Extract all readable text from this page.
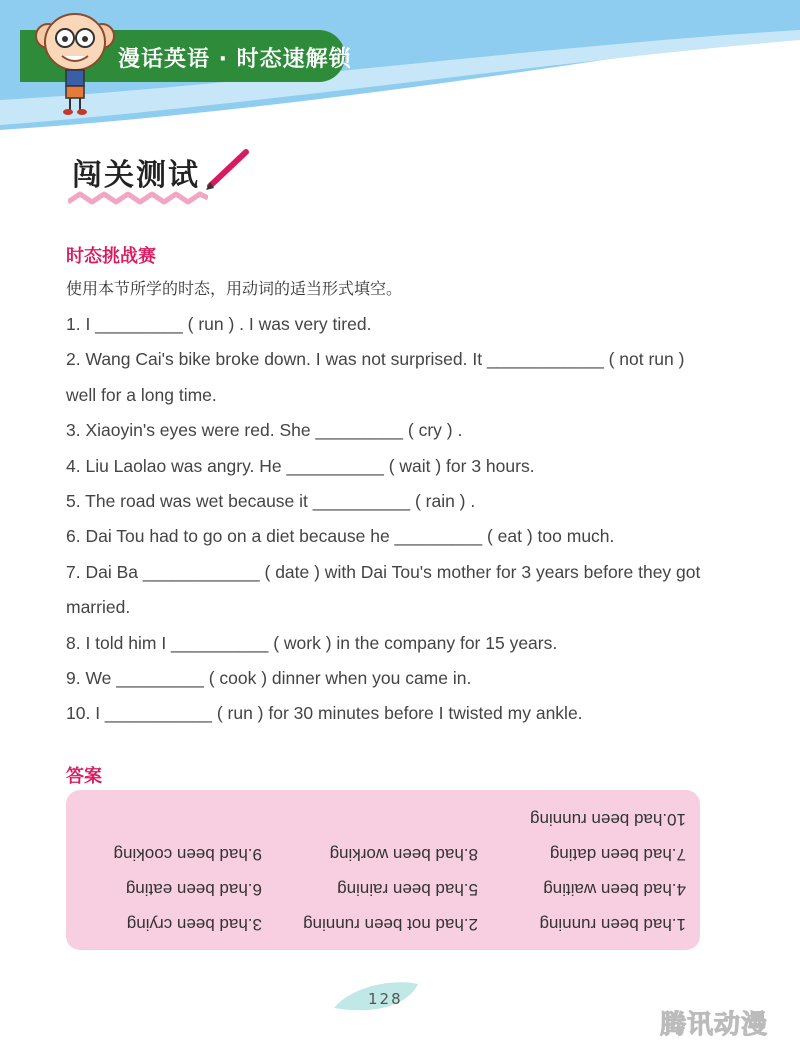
漫话英语 · 时态速解锁
闯关测试
时态挑战赛
使用本节所学的时态，用动词的适当形式填空。

1. I _________ ( run ) . I was very tired.

2. Wang Cai's bike broke down. I was not surprised. It ____________ ( not run ) well for a long time.

3. Xiaoyin's eyes were red. She _________ ( cry ) .

4. Liu Laolao was angry. He __________ ( wait ) for 3 hours.

5. The road was wet because it __________ ( rain ) .

6. Dai Tou had to go on a diet because he _________ ( eat ) too much.

7. Dai Ba ____________ ( date ) with Dai Tou's mother for 3 years before they got married.

8. I told him I __________ ( work ) in the company for 15 years.

9. We _________ ( cook ) dinner when you came in.

10. I ___________ ( run ) for 30 minutes before I twisted my ankle.

答案
1.had been running
2.had not been running
3.had been crying
4.had been waiting
5.had been raining
6.had been eating
7.had been dating
8.had been working
9.had been cooking
10.had been running
128
腾讯动漫
